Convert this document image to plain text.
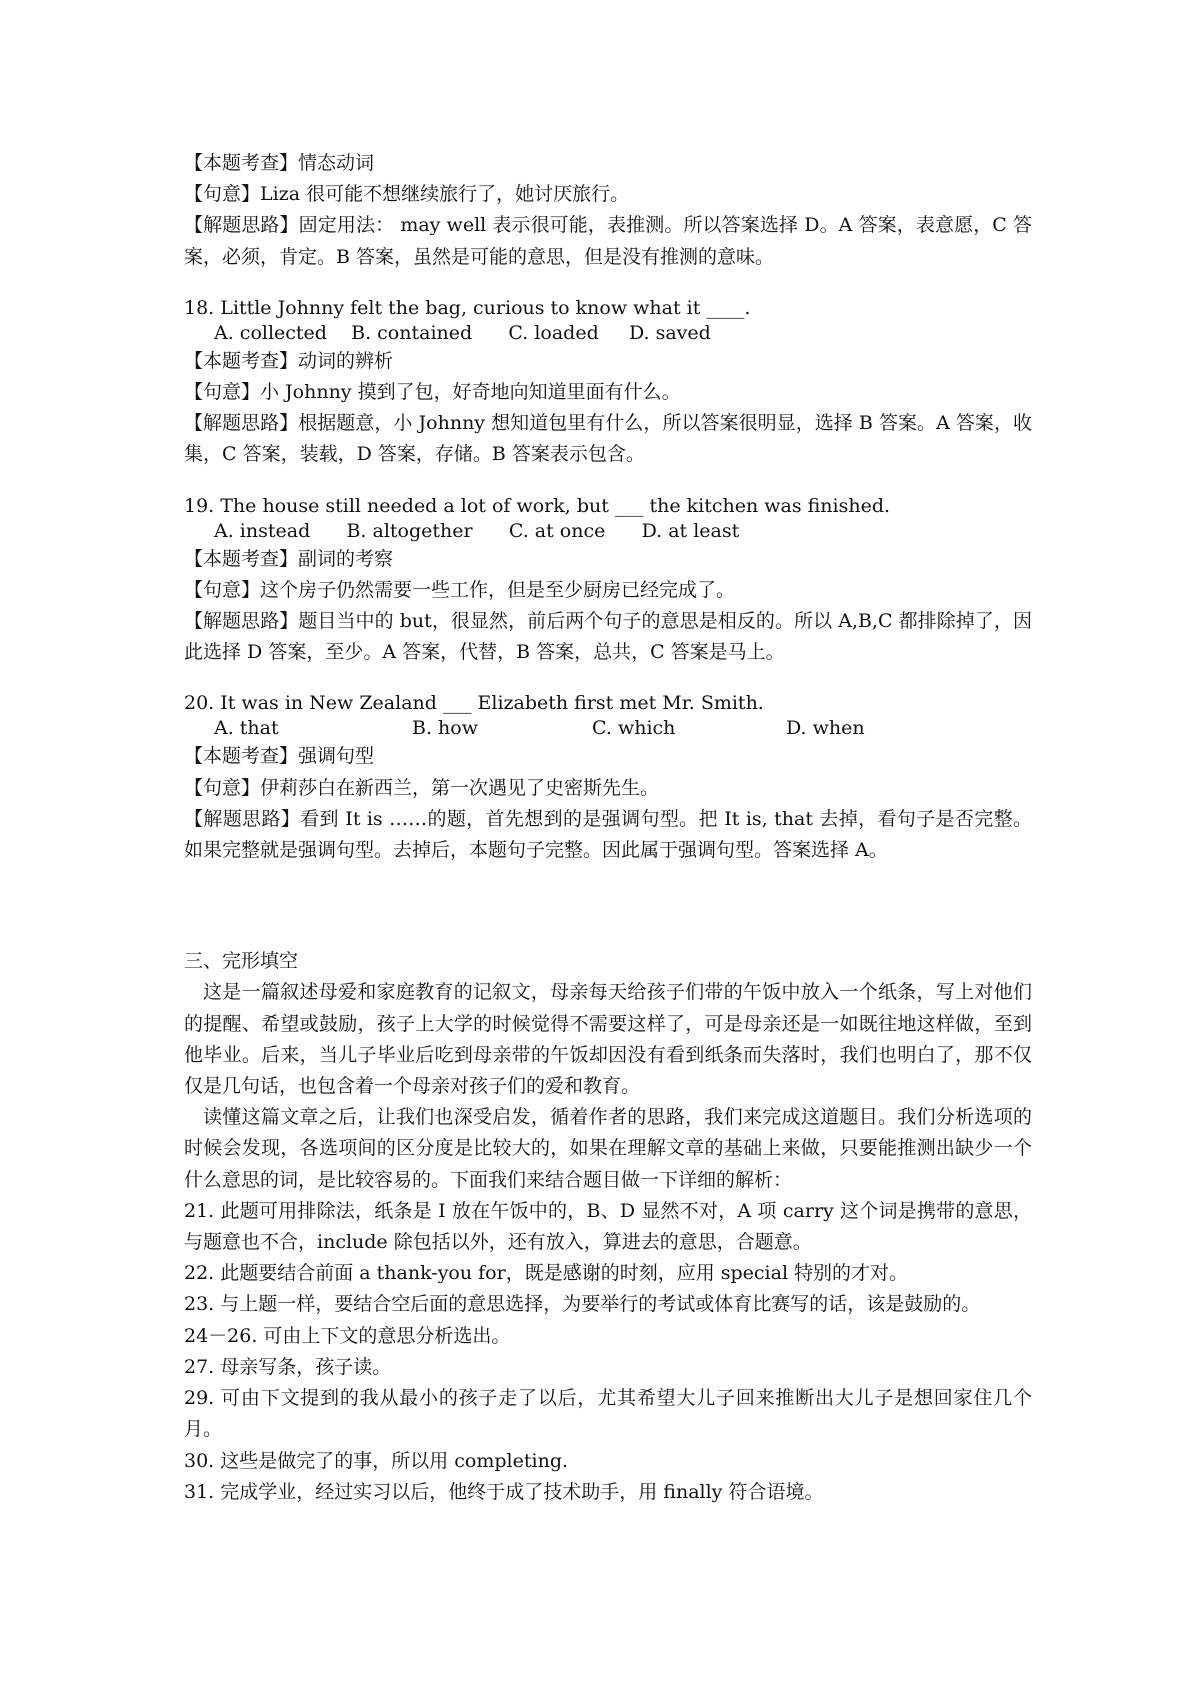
【本题考查】情态动词

【句意】Liza 很可能不想继续旅行了，她讨厌旅行。

【解题思路】固定用法： may well 表示很可能，表推测。所以答案选择 D。A 答案，表意愿，C 答案，必须，肯定。B 答案，虽然是可能的意思，但是没有推测的意味。

18. Little Johnny felt the bag, curious to know what it ____.

A. collected    B. contained      C. loaded     D. saved

【本题考查】动词的辨析

【句意】小 Johnny 摸到了包，好奇地向知道里面有什么。

【解题思路】根据题意，小 Johnny 想知道包里有什么，所以答案很明显，选择 B 答案。A 答案，收集，C 答案，装载，D 答案，存储。B 答案表示包含。

19. The house still needed a lot of work, but ___ the kitchen was finished.

A. instead      B. altogether      C. at once      D. at least

【本题考查】副词的考察

【句意】这个房子仍然需要一些工作，但是至少厨房已经完成了。

【解题思路】题目当中的 but，很显然，前后两个句子的意思是相反的。所以 A,B,C 都排除掉了，因此选择 D 答案，至少。A 答案，代替，B 答案，总共，C 答案是马上。

20. It was in New Zealand ___ Elizabeth first met Mr. Smith.

A. that	B. how	C. which	D. when

【本题考查】强调句型

【句意】伊莉莎白在新西兰，第一次遇见了史密斯先生。

【解题思路】看到 It is ……的题，首先想到的是强调句型。把 It is, that 去掉，看句子是否完整。如果完整就是强调句型。去掉后，本题句子完整。因此属于强调句型。答案选择 A。

三、完形填空

这是一篇叙述母爱和家庭教育的记叙文，母亲每天给孩子们带的午饭中放入一个纸条，写上对他们的提醒、希望或鼓励，孩子上大学的时候觉得不需要这样了，可是母亲还是一如既往地这样做，至到他毕业。后来，当儿子毕业后吃到母亲带的午饭却因没有看到纸条而失落时，我们也明白了，那不仅仅是几句话，也包含着一个母亲对孩子们的爱和教育。

读懂这篇文章之后，让我们也深受启发，循着作者的思路，我们来完成这道题目。我们分析选项的时候会发现，各选项间的区分度是比较大的，如果在理解文章的基础上来做，只要能推测出缺少一个什么意思的词，是比较容易的。下面我们来结合题目做一下详细的解析：

21. 此题可用排除法，纸条是 I 放在午饭中的，B、D 显然不对，A 项 carry 这个词是携带的意思，与题意也不合，include 除包括以外，还有放入，算进去的意思，合题意。

22. 此题要结合前面 a thank-you for，既是感谢的时刻，应用 special 特别的才对。

23. 与上题一样，要结合空后面的意思选择，为要举行的考试或体育比赛写的话，该是鼓励的。

24－26. 可由上下文的意思分析选出。

27. 母亲写条，孩子读。

29. 可由下文提到的我从最小的孩子走了以后，尤其希望大儿子回来推断出大儿子是想回家住几个月。

30. 这些是做完了的事，所以用 completing.

31. 完成学业，经过实习以后，他终于成了技术助手，用 finally 符合语境。
